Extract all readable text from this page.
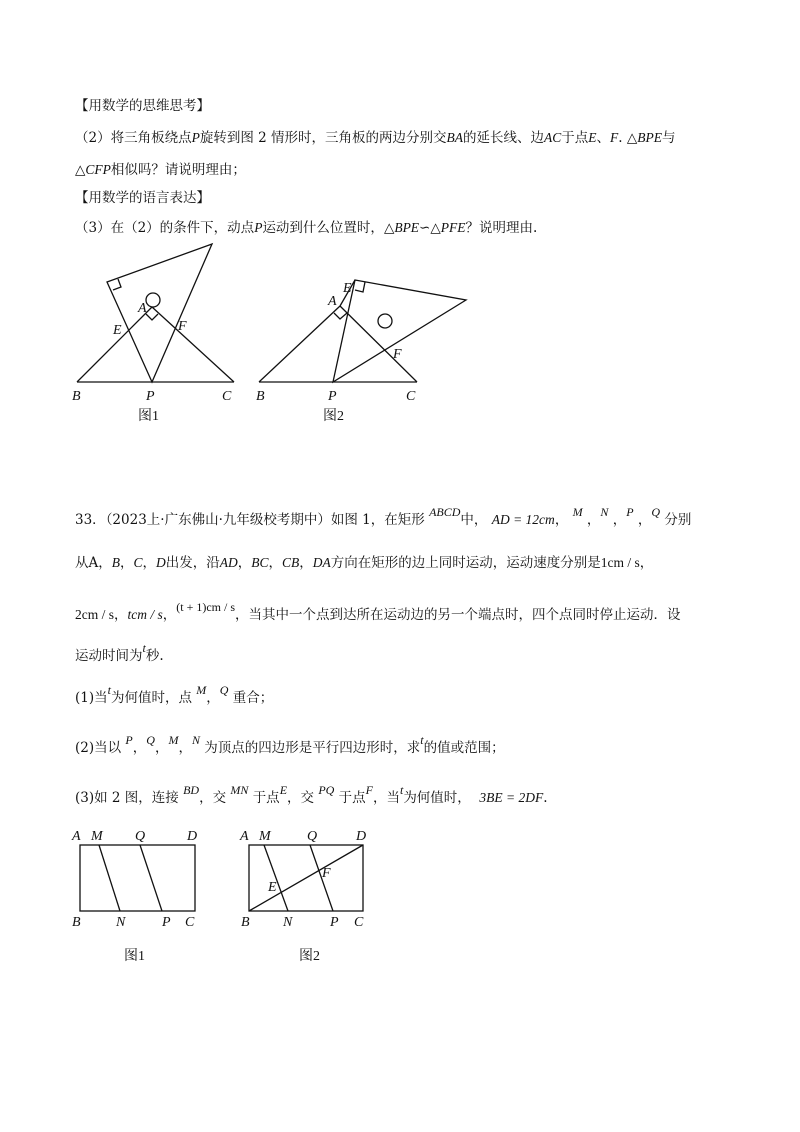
【用数学的思维思考】
（2）将三角板绕点P旋转到图 2 情形时，三角板的两边分别交BA的延长线、边AC于点E、F. △BPE与
△CFP相似吗？请说明理由；
【用数学的语言表达】
（3）在（2）的条件下，动点P运动到什么位置时，△BPE∽△PFE？说明理由.
A
B	C
P
E	F
A
E
B	C
P
F
图1	图2
33．（2023上·广东佛山·九年级校考期中）如图 1，在矩形 ABCD中， AD = 12cm， M ，N ，P ，Q 分别
从A，B，C，D出发，沿AD，BC，CB，DA方向在矩形的边上同时运动，运动速度分别是1cm / s，
2cm / s，tcm / s，(t + 1)cm / s，当其中一个点到达所在运动边的另一个端点时，四个点同时停止运动．设
运动时间为t秒.
(1)当t为何值时，点 M，Q 重合；
(2)当以 P，Q，M，N 为顶点的四边形是平行四边形时，求t的值或范围；
(3)如 2 图，连接 BD，交 MN 于点E，交 PQ 于点F，当t为何值时， 3BE = 2DF.
A M Q	D
B	N	P C
A M	Q	D
B N	P C
E
F
图1	图2
